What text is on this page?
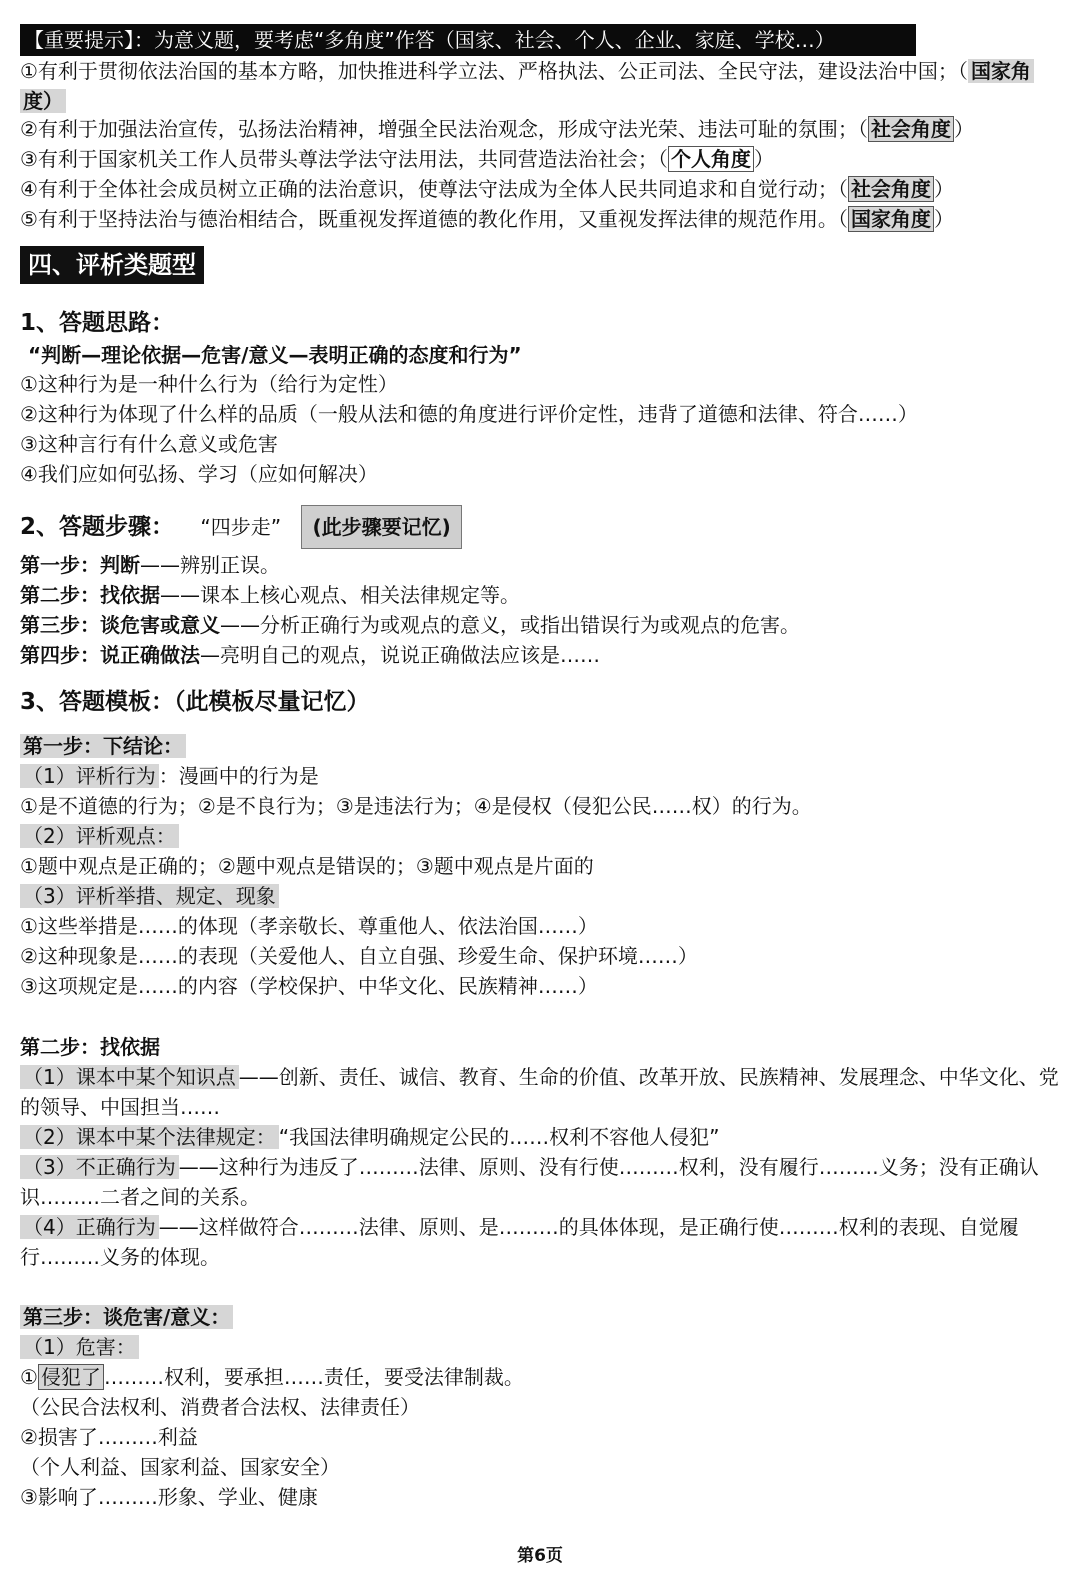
【重要提示】：为意义题，要考虑“多角度”作答（国家、社会、个人、企业、家庭、学校…）
①有利于贯彻依法治国的基本方略，加快推进科学立法、严格执法、公正司法、全民守法，建设法治中国；（ 国家角
度）
②有利于加强法治宣传，弘扬法治精神，增强全民法治观念，形成守法光荣、违法可耻的氛围；（ 社会角度 ）
③有利于国家机关工作人员带头尊法学法守法用法，共同营造法治社会；（ 个人角度 ）
④有利于全体社会成员树立正确的法治意识，使尊法守法成为全体人民共同追求和自觉行动；（ 社会角度 ）
⑤有利于坚持法治与德治相结合，既重视发挥道德的教化作用，又重视发挥法律的规范作用。（ 国家角度 ）
四、评析类题型
1、答题思路：
“判断—理论依据—危害/意义—表明正确的态度和行为”
①这种行为是一种什么行为（给行为定性）
②这种行为体现了什么样的品质（一般从法和德的角度进行评价定性，违背了道德和法律、符合……）
③这种言行有什么意义或危害
④我们应如何弘扬、学习（应如何解决）
2、答题步骤： “四步走” (此步骤要记忆)
第一步：判断——辨别正误。
第二步：找依据——课本上核心观点、相关法律规定等。
第三步：谈危害或意义——分析正确行为或观点的意义，或指出错误行为或观点的危害。
第四步：说正确做法—亮明自己的观点，说说正确做法应该是……
3、答题模板：（此模板尽量记忆）
第一步：下结论：
（1）评析行为 ：漫画中的行为是
①是不道德的行为；②是不良行为；③是违法行为；④是侵权（侵犯公民……权）的行为。
（2）评析观点：
①题中观点是正确的；②题中观点是错误的；③题中观点是片面的
（3）评析举措、规定、现象
①这些举措是……的体现（孝亲敬长、尊重他人、依法治国……）
②这种现象是……的表现（关爱他人、自立自强、珍爱生命、保护环境……）
③这项规定是……的内容（学校保护、中华文化、民族精神……）
第二步：找依据
（1）课本中某个知识点 ——创新、责任、诚信、教育、生命的价值、改革开放、民族精神、发展理念、中华文化、党的领导、中国担当……
（2）课本中某个法律规定： “我国法律明确规定公民的……权利不容他人侵犯”
（3）不正确行为 ——这种行为违反了………法律、原则、没有行使………权利，没有履行………义务；没有正确认识………二者之间的关系。
（4）正确行为 ——这样做符合………法律、原则、是………的具体体现，是正确行使………权利的表现、自觉履行………义务的体现。
第三步：谈危害/意义：
（1）危害：
① 侵犯了 ………权利，要承担……责任，要受法律制裁。
（公民合法权利、消费者合法权、法律责任）
②损害了………利益
（个人利益、国家利益、国家安全）
③影响了………形象、学业、健康
第6页
